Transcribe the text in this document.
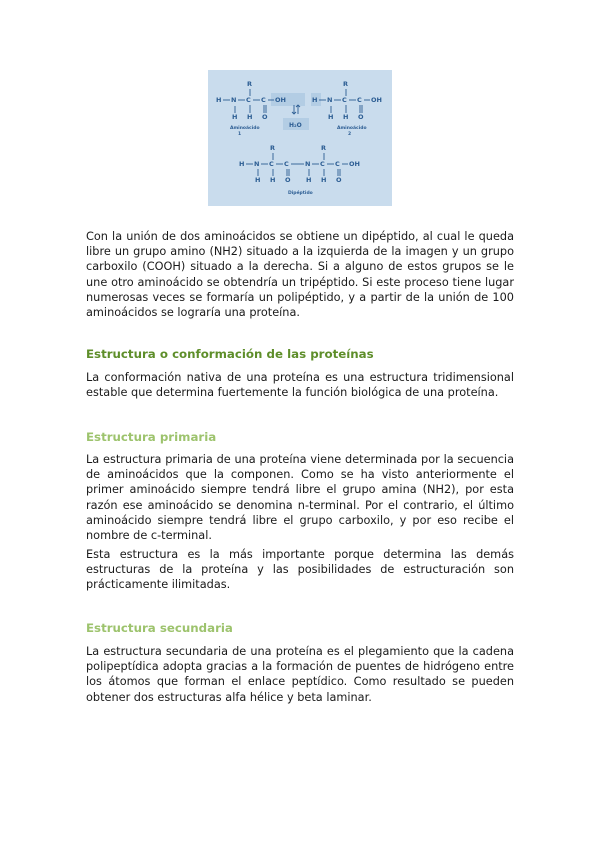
H N
H
C
R
H
C
O
OH
Aminoácido
1
H N
H
C
R
H
C
O
OH
Aminoácido
2
H₂O
H N
H
C
R
H
C
O
N
H
C
R
H
C
O
OH
Dipéptido

Con la unión de dos aminoácidos se obtiene un dipéptido, al cual le queda libre un grupo amino (NH2) situado a la izquierda de la imagen y un grupo carboxilo (COOH) situado a la derecha. Si a alguno de estos grupos se le une otro aminoácido se obtendría un tripéptido. Si este proceso tiene lugar numerosas veces se formaría un polipéptido, y a partir de la unión de 100 aminoácidos se lograría una proteína.

Estructura o conformación de las proteínas

La conformación nativa de una proteína es una estructura tridimensional estable que determina fuertemente la función biológica de una proteína.

Estructura primaria

La estructura primaria de una proteína viene determinada por la secuencia de aminoácidos que la componen. Como se ha visto anteriormente el primer aminoácido siempre tendrá libre el grupo amina (NH2), por esta razón ese aminoácido se denomina n-terminal. Por el contrario, el último aminoácido siempre tendrá libre el grupo carboxilo, y por eso recibe el nombre de c-terminal.

Esta estructura es la más importante porque determina las demás estructuras de la proteína y las posibilidades de estructuración son prácticamente ilimitadas.

Estructura secundaria

La estructura secundaria de una proteína es el plegamiento que la cadena polipeptídica adopta gracias a la formación de puentes de hidrógeno entre los átomos que forman el enlace peptídico. Como resultado se pueden obtener dos estructuras alfa hélice y beta laminar.
